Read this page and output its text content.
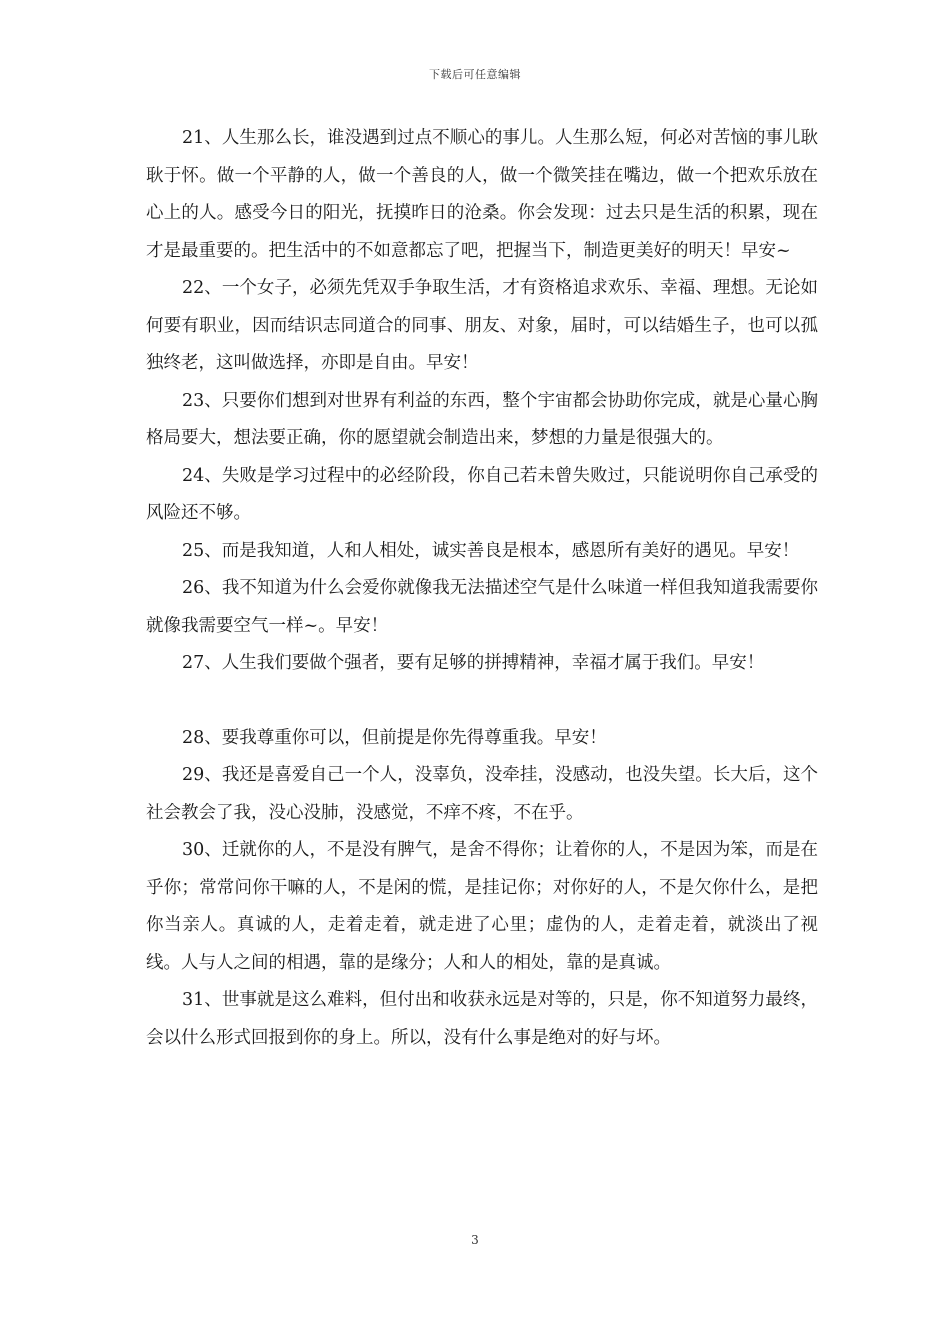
下载后可任意编辑

21、人生那么长，谁没遇到过点不顺心的事儿。人生那么短，何必对苦恼的事儿耿耿于怀。做一个平静的人，做一个善良的人，做一个微笑挂在嘴边，做一个把欢乐放在心上的人。感受今日的阳光，抚摸昨日的沧桑。你会发现：过去只是生活的积累，现在才是最重要的。把生活中的不如意都忘了吧，把握当下，制造更美好的明天！早安~

22、一个女子，必须先凭双手争取生活，才有资格追求欢乐、幸福、理想。无论如何要有职业，因而结识志同道合的同事、朋友、对象，届时，可以结婚生子，也可以孤独终老，这叫做选择，亦即是自由。早安！

23、只要你们想到对世界有利益的东西，整个宇宙都会协助你完成，就是心量心胸格局要大，想法要正确，你的愿望就会制造出来，梦想的力量是很强大的。

24、失败是学习过程中的必经阶段，你自己若未曾失败过，只能说明你自己承受的风险还不够。

25、而是我知道，人和人相处，诚实善良是根本，感恩所有美好的遇见。早安！

26、我不知道为什么会爱你就像我无法描述空气是什么味道一样但我知道我需要你就像我需要空气一样~。早安！

27、人生我们要做个强者，要有足够的拼搏精神，幸福才属于我们。早安！

28、要我尊重你可以，但前提是你先得尊重我。早安！

29、我还是喜爱自己一个人，没辜负，没牵挂，没感动，也没失望。长大后，这个社会教会了我，没心没肺，没感觉，不痒不疼，不在乎。

30、迁就你的人，不是没有脾气，是舍不得你；让着你的人，不是因为笨，而是在乎你；常常问你干嘛的人，不是闲的慌，是挂记你；对你好的人，不是欠你什么，是把你当亲人。真诚的人，走着走着，就走进了心里；虚伪的人，走着走着，就淡出了视线。人与人之间的相遇，靠的是缘分；人和人的相处，靠的是真诚。

31、世事就是这么难料，但付出和收获永远是对等的，只是，你不知道努力最终，会以什么形式回报到你的身上。所以，没有什么事是绝对的好与坏。

3
